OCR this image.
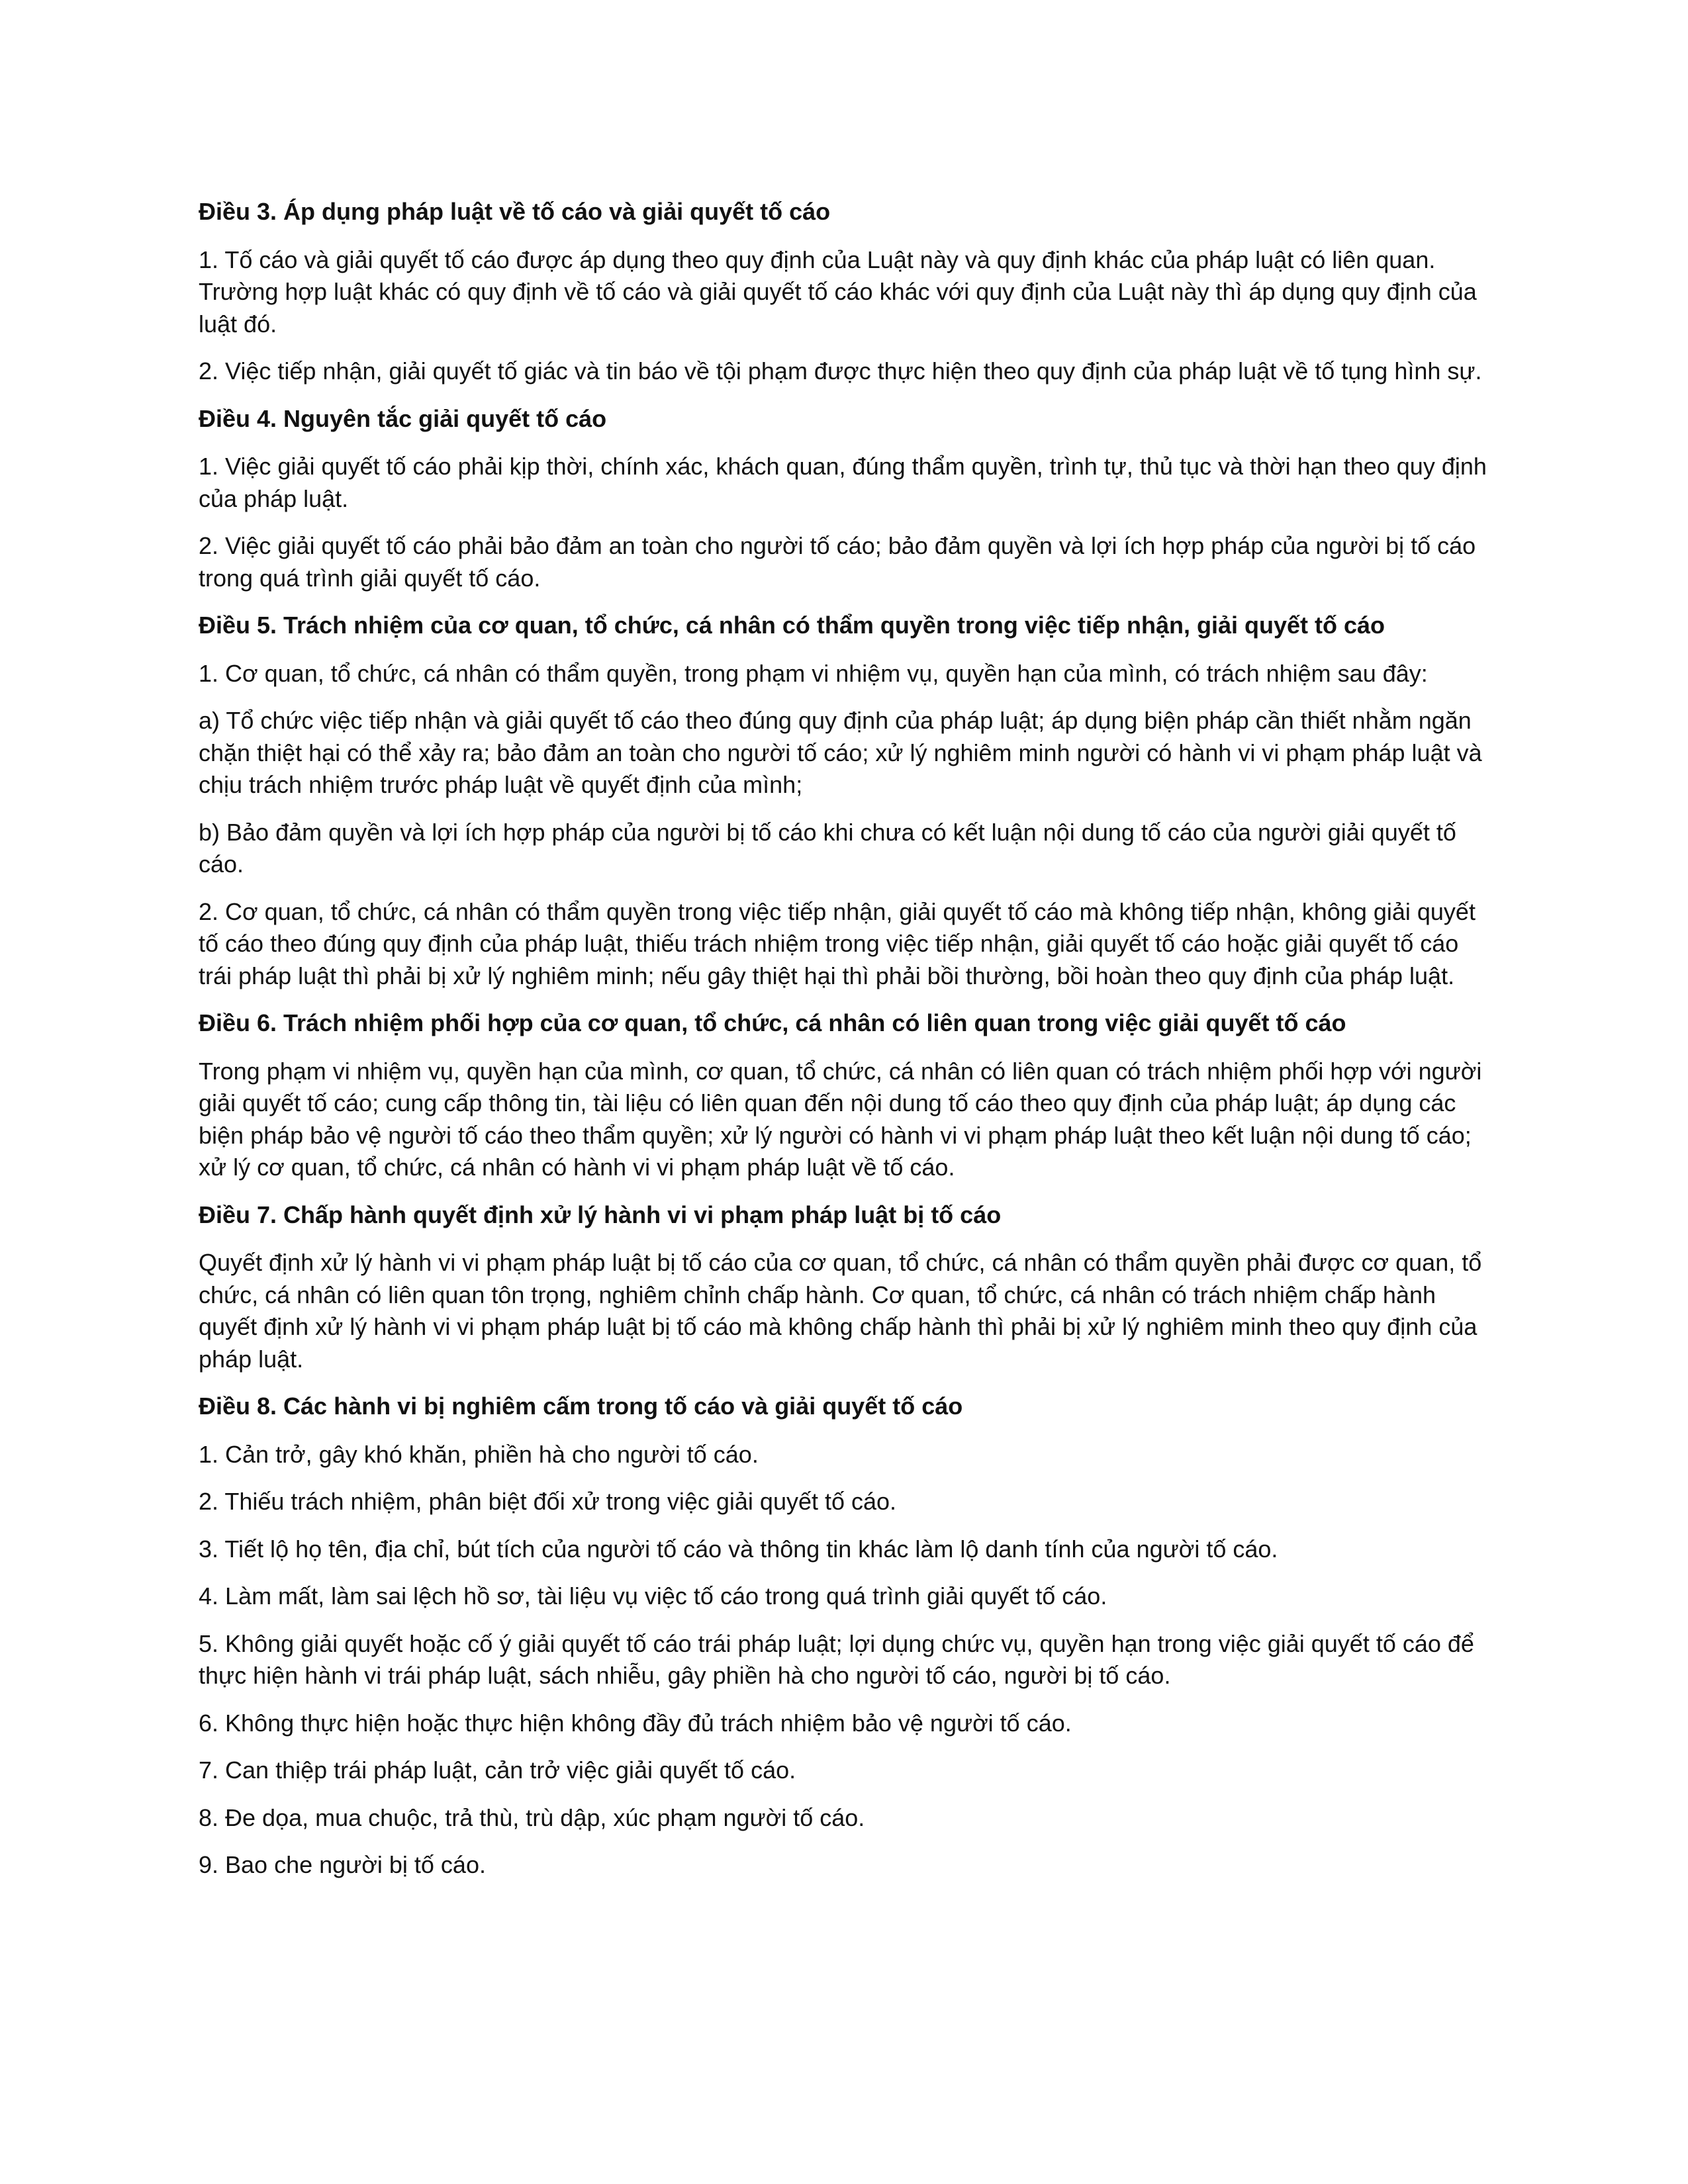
Điều 3. Áp dụng pháp luật về tố cáo và giải quyết tố cáo

1. Tố cáo và giải quyết tố cáo được áp dụng theo quy định của Luật này và quy định khác của pháp luật có liên quan. Trường hợp luật khác có quy định về tố cáo và giải quyết tố cáo khác với quy định của Luật này thì áp dụng quy định của luật đó.

2. Việc tiếp nhận, giải quyết tố giác và tin báo về tội phạm được thực hiện theo quy định của pháp luật về tố tụng hình sự.

Điều 4. Nguyên tắc giải quyết tố cáo

1. Việc giải quyết tố cáo phải kịp thời, chính xác, khách quan, đúng thẩm quyền, trình tự, thủ tục và thời hạn theo quy định của pháp luật.

2. Việc giải quyết tố cáo phải bảo đảm an toàn cho người tố cáo; bảo đảm quyền và lợi ích hợp pháp của người bị tố cáo trong quá trình giải quyết tố cáo.

Điều 5. Trách nhiệm của cơ quan, tổ chức, cá nhân có thẩm quyền trong việc tiếp nhận, giải quyết tố cáo

1. Cơ quan, tổ chức, cá nhân có thẩm quyền, trong phạm vi nhiệm vụ, quyền hạn của mình, có trách nhiệm sau đây:

a) Tổ chức việc tiếp nhận và giải quyết tố cáo theo đúng quy định của pháp luật; áp dụng biện pháp cần thiết nhằm ngăn chặn thiệt hại có thể xảy ra; bảo đảm an toàn cho người tố cáo; xử lý nghiêm minh người có hành vi vi phạm pháp luật và chịu trách nhiệm trước pháp luật về quyết định của mình;

b) Bảo đảm quyền và lợi ích hợp pháp của người bị tố cáo khi chưa có kết luận nội dung tố cáo của người giải quyết tố cáo.

2. Cơ quan, tổ chức, cá nhân có thẩm quyền trong việc tiếp nhận, giải quyết tố cáo mà không tiếp nhận, không giải quyết tố cáo theo đúng quy định của pháp luật, thiếu trách nhiệm trong việc tiếp nhận, giải quyết tố cáo hoặc giải quyết tố cáo trái pháp luật thì phải bị xử lý nghiêm minh; nếu gây thiệt hại thì phải bồi thường, bồi hoàn theo quy định của pháp luật.

Điều 6. Trách nhiệm phối hợp của cơ quan, tổ chức, cá nhân có liên quan trong việc giải quyết tố cáo

Trong phạm vi nhiệm vụ, quyền hạn của mình, cơ quan, tổ chức, cá nhân có liên quan có trách nhiệm phối hợp với người giải quyết tố cáo; cung cấp thông tin, tài liệu có liên quan đến nội dung tố cáo theo quy định của pháp luật; áp dụng các biện pháp bảo vệ người tố cáo theo thẩm quyền; xử lý người có hành vi vi phạm pháp luật theo kết luận nội dung tố cáo; xử lý cơ quan, tổ chức, cá nhân có hành vi vi phạm pháp luật về tố cáo.

Điều 7. Chấp hành quyết định xử lý hành vi vi phạm pháp luật bị tố cáo

Quyết định xử lý hành vi vi phạm pháp luật bị tố cáo của cơ quan, tổ chức, cá nhân có thẩm quyền phải được cơ quan, tổ chức, cá nhân có liên quan tôn trọng, nghiêm chỉnh chấp hành. Cơ quan, tổ chức, cá nhân có trách nhiệm chấp hành quyết định xử lý hành vi vi phạm pháp luật bị tố cáo mà không chấp hành thì phải bị xử lý nghiêm minh theo quy định của pháp luật.

Điều 8. Các hành vi bị nghiêm cấm trong tố cáo và giải quyết tố cáo

1. Cản trở, gây khó khăn, phiền hà cho người tố cáo.

2. Thiếu trách nhiệm, phân biệt đối xử trong việc giải quyết tố cáo.

3. Tiết lộ họ tên, địa chỉ, bút tích của người tố cáo và thông tin khác làm lộ danh tính của người tố cáo.

4. Làm mất, làm sai lệch hồ sơ, tài liệu vụ việc tố cáo trong quá trình giải quyết tố cáo.

5. Không giải quyết hoặc cố ý giải quyết tố cáo trái pháp luật; lợi dụng chức vụ, quyền hạn trong việc giải quyết tố cáo để thực hiện hành vi trái pháp luật, sách nhiễu, gây phiền hà cho người tố cáo, người bị tố cáo.

6. Không thực hiện hoặc thực hiện không đầy đủ trách nhiệm bảo vệ người tố cáo.

7. Can thiệp trái pháp luật, cản trở việc giải quyết tố cáo.

8. Đe dọa, mua chuộc, trả thù, trù dập, xúc phạm người tố cáo.

9. Bao che người bị tố cáo.
